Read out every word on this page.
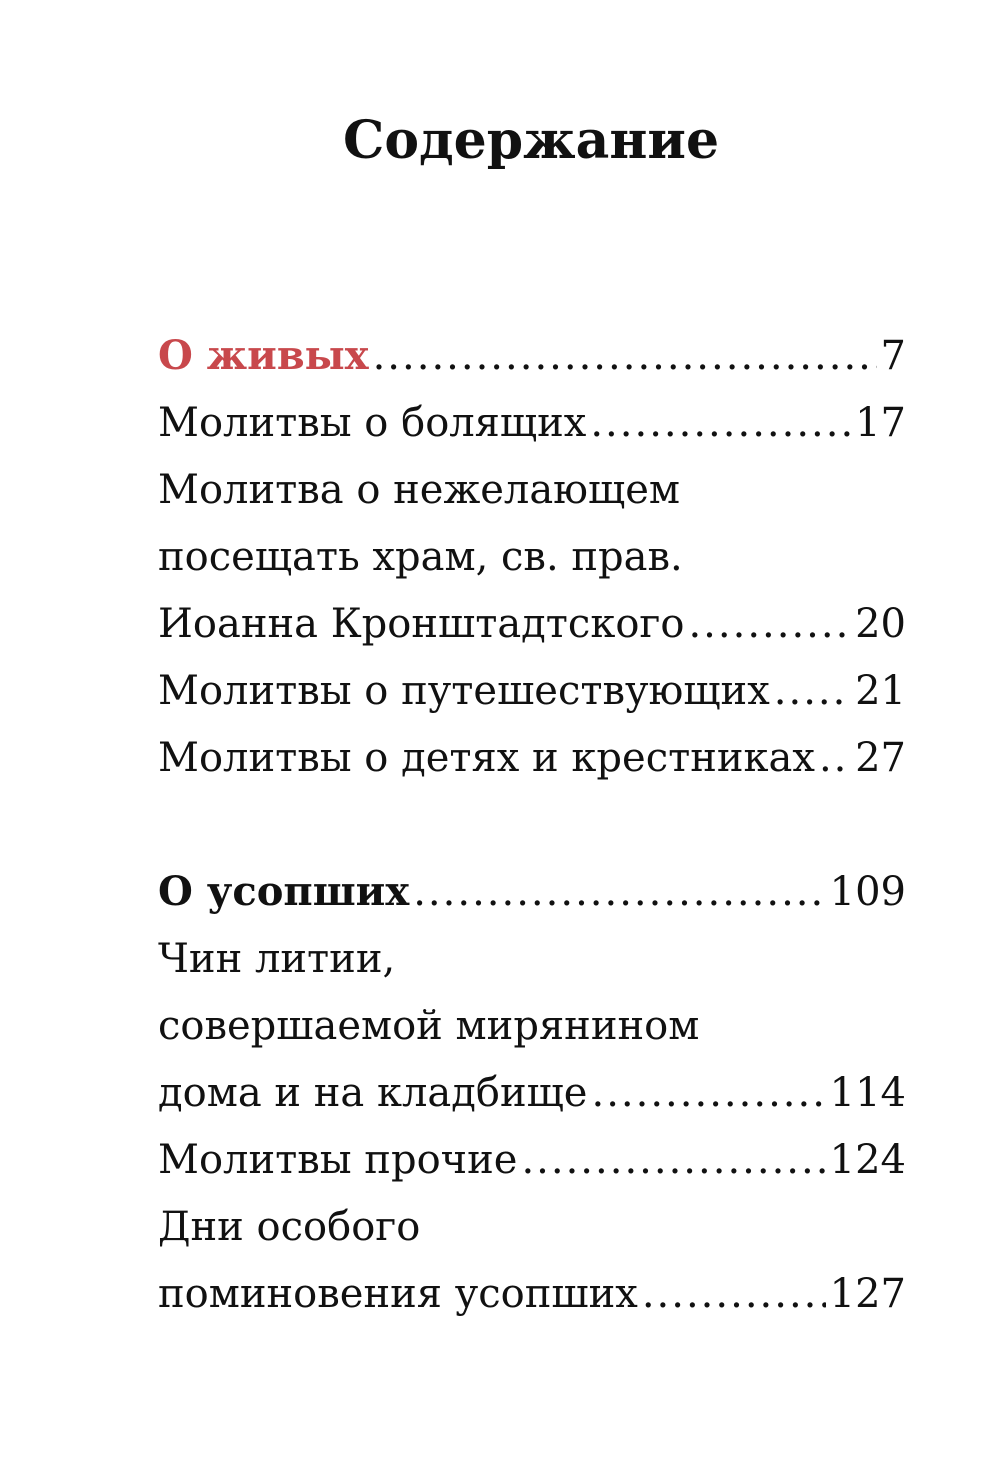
Содержание
О живых .....	7
Молитвы о болящих .....	17
Молитва о нежелающем
посещать храм, св. прав.
Иоанна Кронштадтского .....	20
Молитвы о путешествующих ..... 21
Молитвы о детях и крестниках ..... 27
О усопших .....	109
Чин литии,
совершаемой мирянином
дома и на кладбище .....	114
Молитвы прочие .....	124
Дни особого
поминовения усопших .....	127
